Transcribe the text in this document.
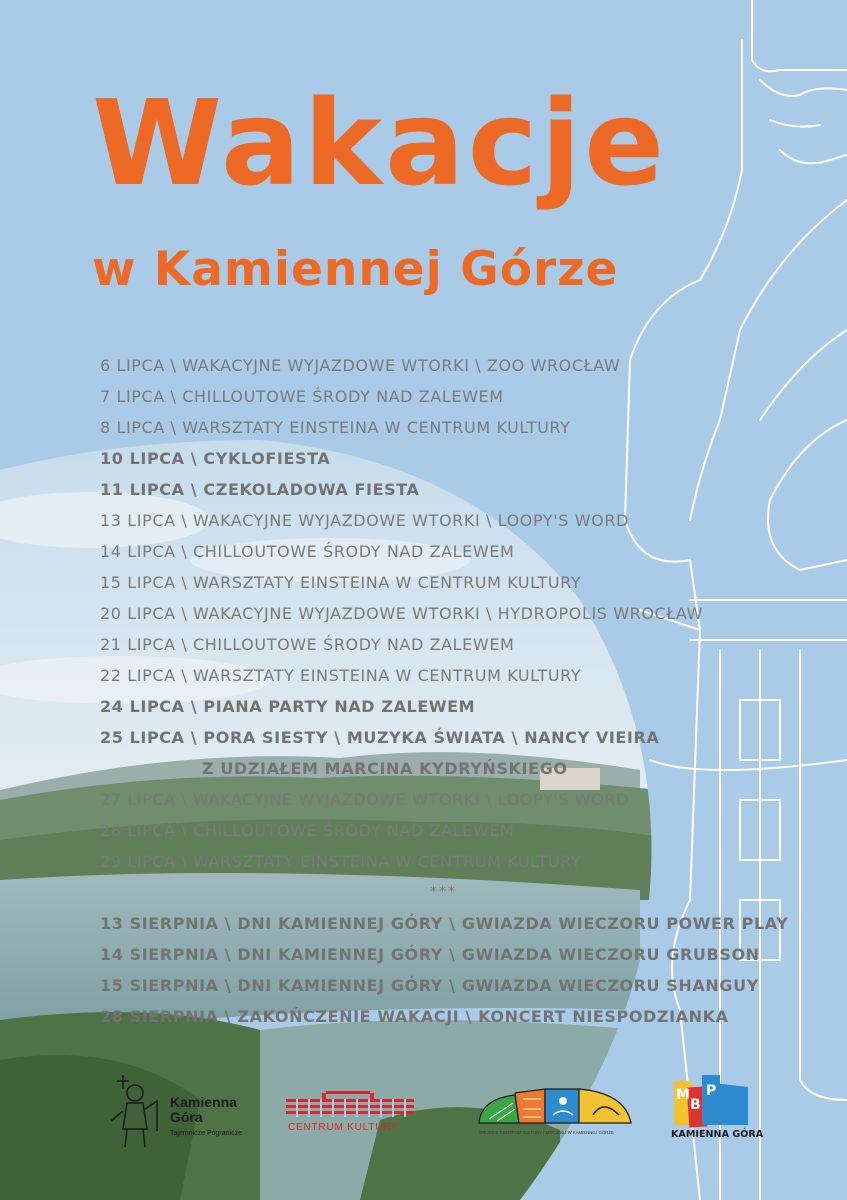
Wakacje
w Kamiennej Górze
6 LIPCA \ WAKACYJNE WYJAZDOWE WTORKI \ ZOO WROCŁAW
7 LIPCA \ CHILLOUTOWE ŚRODY NAD ZALEWEM
8 LIPCA \ WARSZTATY EINSTEINA W CENTRUM KULTURY
10 LIPCA \ CYKLOFIESTA
11 LIPCA \ CZEKOLADOWA FIESTA
13 LIPCA \ WAKACYJNE WYJAZDOWE WTORKI \ LOOPY'S WORD
14 LIPCA \ CHILLOUTOWE ŚRODY NAD ZALEWEM
15 LIPCA \ WARSZTATY EINSTEINA W CENTRUM KULTURY
20 LIPCA \ WAKACYJNE WYJAZDOWE WTORKI \ HYDROPOLIS WROCŁAW
21 LIPCA \ CHILLOUTOWE ŚRODY NAD ZALEWEM
22 LIPCA \ WARSZTATY EINSTEINA W CENTRUM KULTURY
24 LIPCA \ PIANA PARTY NAD ZALEWEM
25 LIPCA \ PORA SIESTY \ MUZYKA ŚWIATA \ NANCY VIEIRA
Z UDZIAŁEM MARCINA KYDRYŃSKIEGO
27 LIPCA \ WAKACYJNE WYJAZDOWE WTORKI \ LOOPY'S WORD
28 LIPCA \ CHILLOUTOWE ŚRODY NAD ZALEWEM
29 LIPCA \ WARSZTATY EINSTEINA W CENTRUM KULTURY
***
13 SIERPNIA \ DNI KAMIENNEJ GÓRY \ GWIAZDA WIECZORU POWER PLAY
14 SIERPNIA \ DNI KAMIENNEJ GÓRY \ GWIAZDA WIECZORU GRUBSON
15 SIERPNIA \ DNI KAMIENNEJ GÓRY \ GWIAZDA WIECZORU SHANGUY
28 SIERPNIA \ ZAKOŃCZENIE WAKACJI \ KONCERT NIESPODZIANKA
Kamienna Góra
Tajemnicze Pogranicze
CENTRUM KULTURY	MIEJSKIE CENTRUM KULTURY FIZYCZNEJ W KAMIENNEJ GÓRZE
M
B
P
KAMIENNA GÓRA
